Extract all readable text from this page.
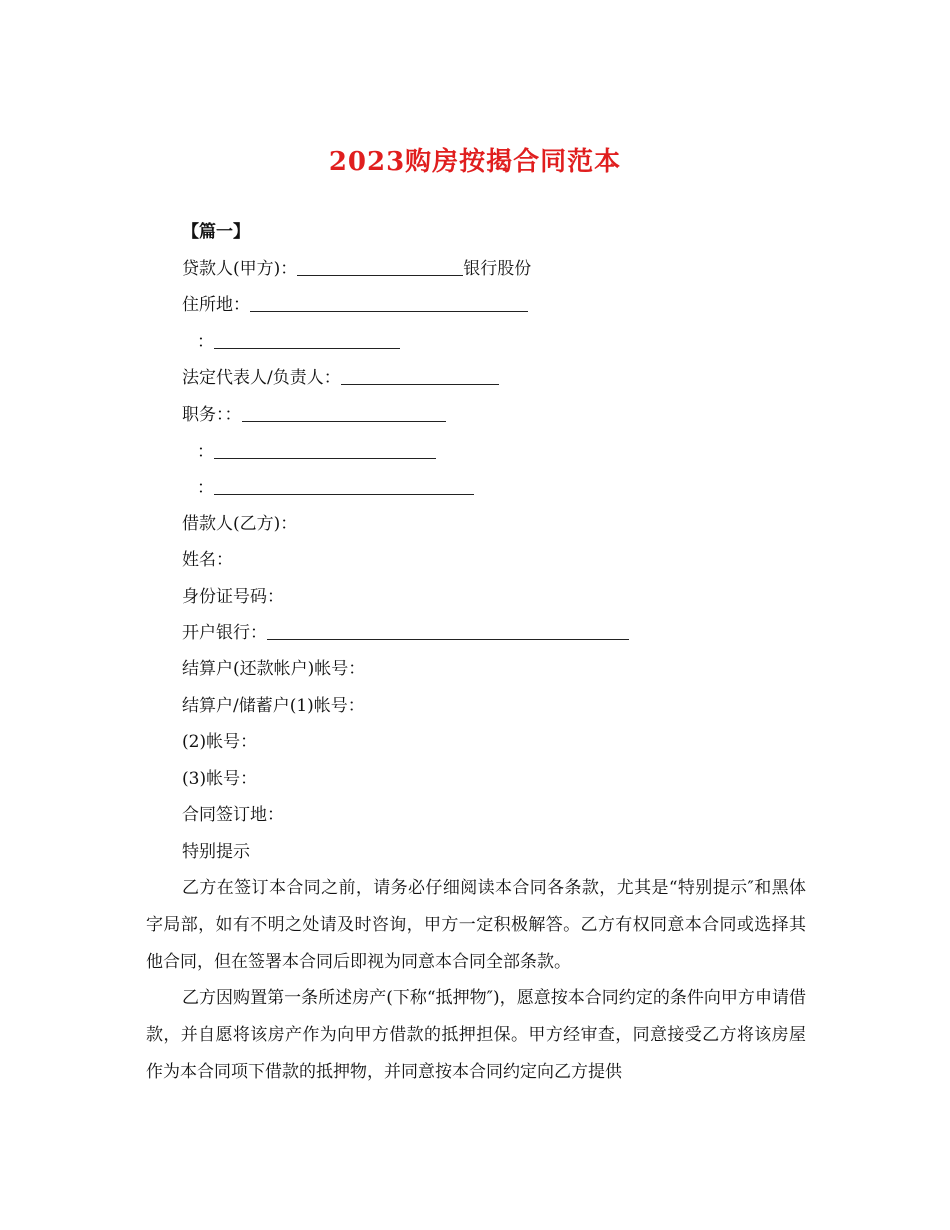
2023购房按揭合同范本
【篇一】
贷款人(甲方)：	银行股份
住所地：
：
法定代表人/负责人：
职务：：
：
：
借款人(乙方)：
姓名：
身份证号码：
开户银行：
结算户(还款帐户)帐号：
结算户/储蓄户(1)帐号：
(2)帐号：
(3)帐号：
合同签订地：
特别提示
乙方在签订本合同之前，请务必仔细阅读本合同各条款，尤其是“特别提示″和黑体字局部，如有不明之处请及时咨询，甲方一定积极解答。乙方有权同意本合同或选择其他合同，但在签署本合同后即视为同意本合同全部条款。
乙方因购置第一条所述房产(下称“抵押物″)，愿意按本合同约定的条件向甲方申请借款，并自愿将该房产作为向甲方借款的抵押担保。甲方经审查，同意接受乙方将该房屋作为本合同项下借款的抵押物，并同意按本合同约定向乙方提供
